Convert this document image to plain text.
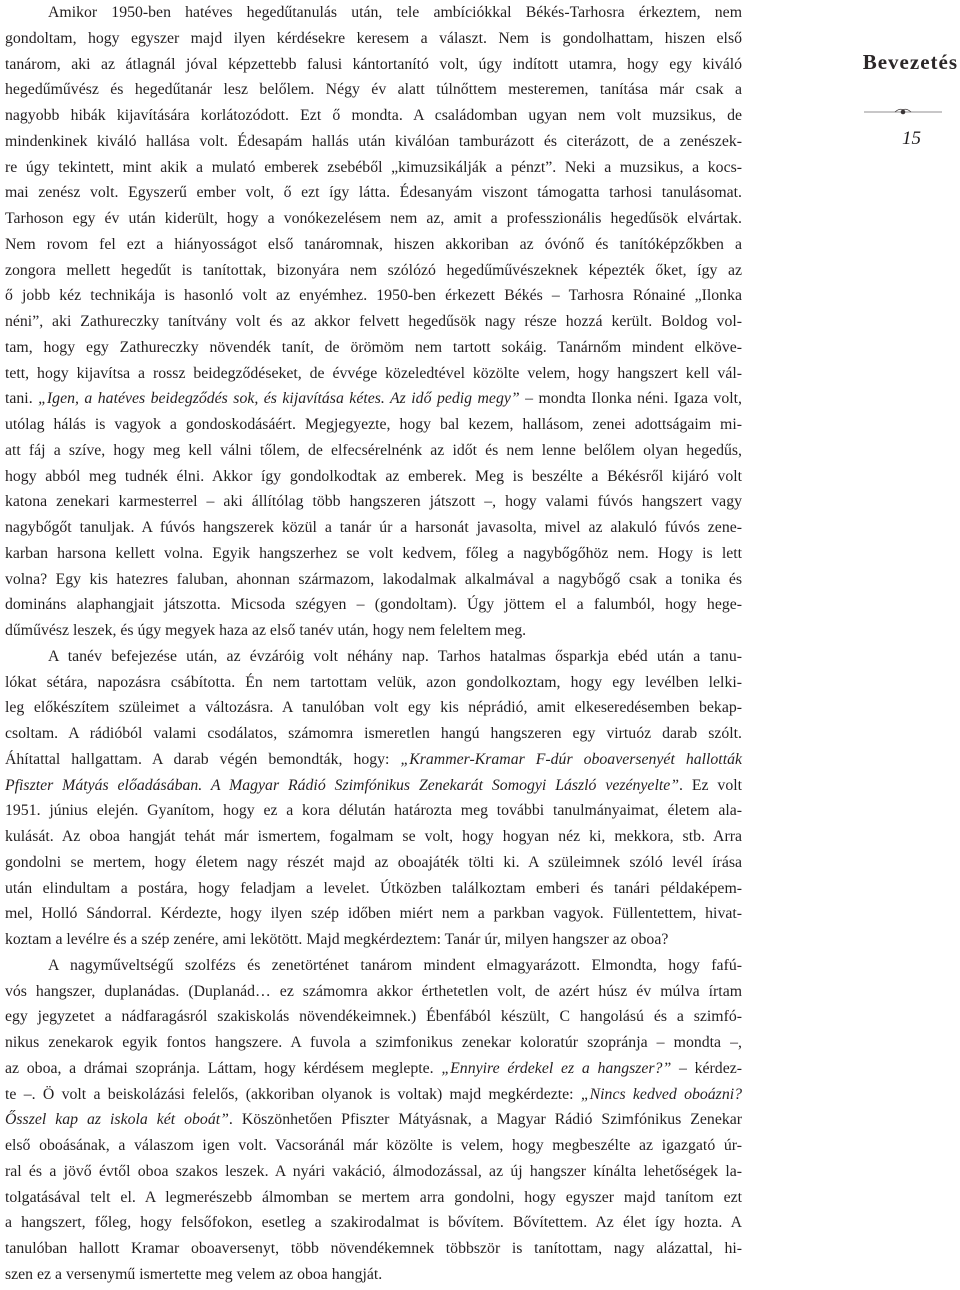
Bevezetés
15
Amikor 1950-ben hatéves hegedűtanulás után, tele ambíciókkal Békés-Tarhosra érkeztem, nem
gondoltam, hogy egyszer majd ilyen kérdésekre keresem a választ. Nem is gondolhattam, hiszen első
tanárom, aki az átlagnál jóval képzettebb falusi kántortanító volt, úgy indított utamra, hogy egy kiváló
hegedűművész és hegedűtanár lesz belőlem. Négy év alatt túlnőttem mesteremen, tanítása már csak a
nagyobb hibák kijavítására korlátozódott. Ezt ő mondta. A családomban ugyan nem volt muzsikus, de
mindenkinek kiváló hallása volt. Édesapám hallás után kiválóan tamburázott és citerázott, de a zenészek-
re úgy tekintett, mint akik a mulató emberek zsebéből „kimuzsikálják a pénzt”. Neki a muzsikus, a kocs-
mai zenész volt. Egyszerű ember volt, ő ezt így látta. Édesanyám viszont támogatta tarhosi tanulásomat.
Tarhoson egy év után kiderült, hogy a vonókezelésem nem az, amit a professzionális hegedűsök elvártak.
Nem rovom fel ezt a hiányosságot első tanáromnak, hiszen akkoriban az óvónő és tanítóképzőkben a
zongora mellett hegedűt is tanítottak, bizonyára nem szólózó hegedűművészeknek képezték őket, így az
ő jobb kéz technikája is hasonló volt az enyémhez. 1950-ben érkezett Békés – Tarhosra Rónainé „Ilonka
néni”, aki Zathureczky tanítvány volt és az akkor felvett hegedűsök nagy része hozzá került. Boldog vol-
tam, hogy egy Zathureczky növendék tanít, de örömöm nem tartott sokáig. Tanárnőm mindent elköve-
tett, hogy kijavítsa a rossz beidegződéseket, de évvége közeledtével közölte velem, hogy hangszert kell vál-
tani. „Igen, a hatéves beidegződés sok, és kijavítása kétes. Az idő pedig megy” – mondta Ilonka néni. Igaza volt,
utólag hálás is vagyok a gondoskodásáért. Megjegyezte, hogy bal kezem, hallásom, zenei adottságaim mi-
att fáj a szíve, hogy meg kell válni tőlem, de elfecsérelnénk az időt és nem lenne belőlem olyan hegedűs,
hogy abból meg tudnék élni. Akkor így gondolkodtak az emberek. Meg is beszélte a Békésről kijáró volt
katona zenekari karmesterrel – aki állítólag több hangszeren játszott –, hogy valami fúvós hangszert vagy
nagybőgőt tanuljak. A fúvós hangszerek közül a tanár úr a harsonát javasolta, mivel az alakuló fúvós zene-
karban harsona kellett volna. Egyik hangszerhez se volt kedvem, főleg a nagybőgőhöz nem. Hogy is lett
volna? Egy kis hatezres faluban, ahonnan származom, lakodalmak alkalmával a nagybőgő csak a tonika és
domináns alaphangjait játszotta. Micsoda szégyen – (gondoltam). Úgy jöttem el a falumból, hogy hege-
dűművész leszek, és úgy megyek haza az első tanév után, hogy nem feleltem meg.
A tanév befejezése után, az évzáróig volt néhány nap. Tarhos hatalmas ősparkja ebéd után a tanu-
lókat sétára, napozásra csábította. Én nem tartottam velük, azon gondolkoztam, hogy egy levélben lelki-
leg előkészítem szüleimet a változásra. A tanulóban volt egy kis néprádió, amit elkeseredésemben bekap-
csoltam. A rádióból valami csodálatos, számomra ismeretlen hangú hangszeren egy virtuóz darab szólt.
Áhítattal hallgattam. A darab végén bemondták, hogy: „Krammer-Kramar F-dúr oboaversenyét hallották
Pfiszter Mátyás előadásában. A Magyar Rádió Szimfónikus Zenekarát Somogyi László vezényelte”. Ez volt
1951. június elején. Gyanítom, hogy ez a kora délután határozta meg további tanulmányaimat, életem ala-
kulását. Az oboa hangját tehát már ismertem, fogalmam se volt, hogy hogyan néz ki, mekkora, stb. Arra
gondolni se mertem, hogy életem nagy részét majd az oboajáték tölti ki. A szüleimnek szóló levél írása
után elindultam a postára, hogy feladjam a levelet. Útközben találkoztam emberi és tanári példaképem-
mel, Holló Sándorral. Kérdezte, hogy ilyen szép időben miért nem a parkban vagyok. Füllentettem, hivat-
koztam a levélre és a szép zenére, ami lekötött. Majd megkérdeztem: Tanár úr, milyen hangszer az oboa?
A nagyműveltségű szolfézs és zenetörténet tanárom mindent elmagyarázott. Elmondta, hogy fafú-
vós hangszer, duplanádas. (Duplanád… ez számomra akkor érthetetlen volt, de azért húsz év múlva írtam
egy jegyzetet a nádfaragásról szakiskolás növendékeimnek.) Ébenfából készült, C hangolású és a szimfó-
nikus zenekarok egyik fontos hangszere. A fuvola a szimfonikus zenekar koloratúr szopránja – mondta –,
az oboa, a drámai szopránja. Láttam, hogy kérdésem meglepte. „Ennyire érdekel ez a hangszer?” – kérdez-
te –. Ö volt a beiskolázási felelős, (akkoriban olyanok is voltak) majd megkérdezte: „Nincs kedved oboázni?
Ősszel kap az iskola két oboát”. Köszönhetően Pfiszter Mátyásnak, a Magyar Rádió Szimfónikus Zenekar
első oboásának, a válaszom igen volt. Vacsoránál már közölte is velem, hogy megbeszélte az igazgató úr-
ral és a jövő évtől oboa szakos leszek. A nyári vakáció, álmodozással, az új hangszer kínálta lehetőségek la-
tolgatásával telt el. A legmerészebb álmomban se mertem arra gondolni, hogy egyszer majd tanítom ezt
a hangszert, főleg, hogy felsőfokon, esetleg a szakirodalmat is bővítem. Bővítettem. Az élet így hozta. A
tanulóban hallott Kramar oboaversenyt, több növendékemnek többször is tanítottam, nagy alázattal, hi-
szen ez a versenymű ismertette meg velem az oboa hangját.
